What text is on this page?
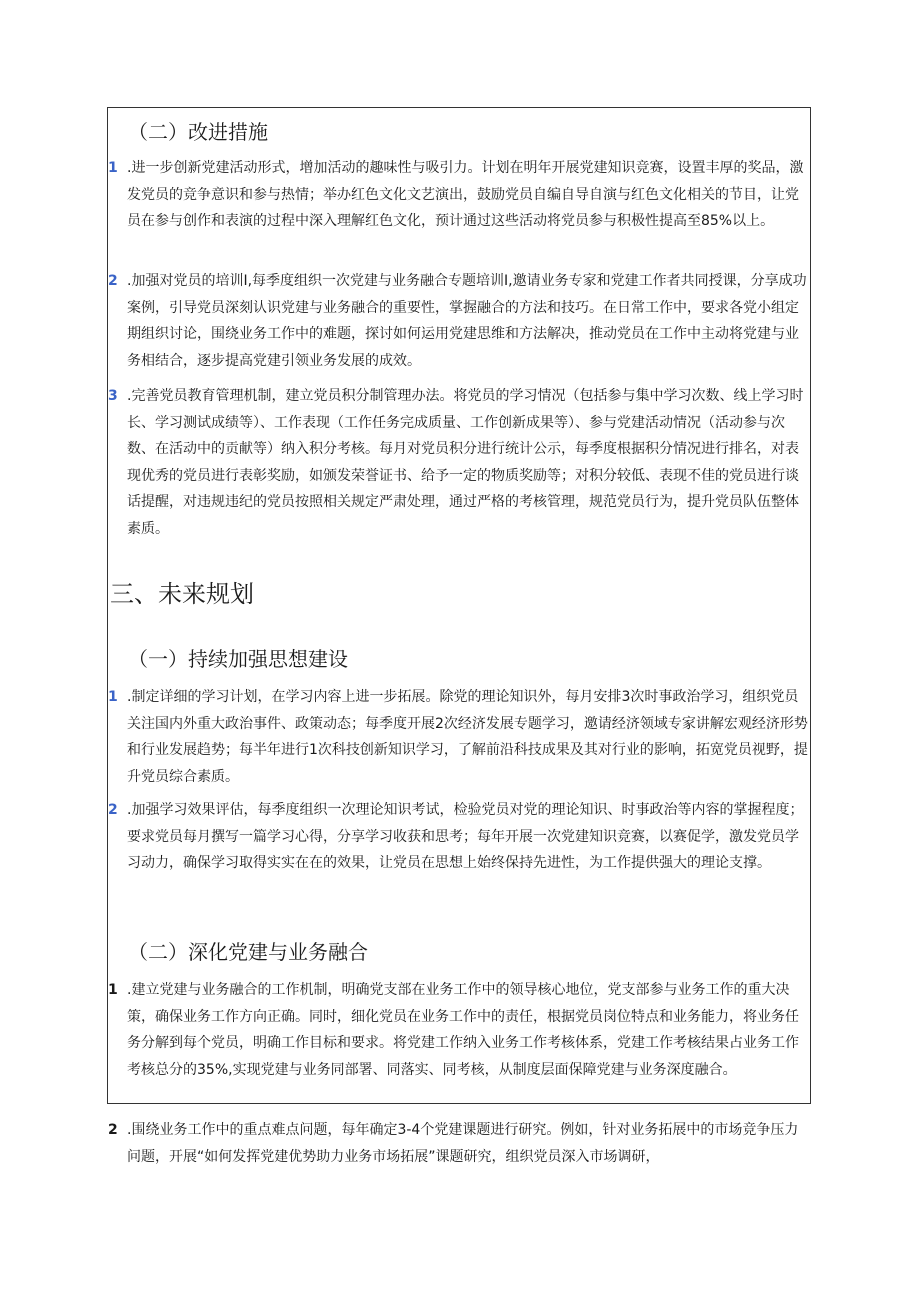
（二）改进措施
1 .进一步创新党建活动形式，增加活动的趣味性与吸引力。计划在明年开展党建知识竞赛，设置丰厚的奖品，激发党员的竞争意识和参与热情；举办红色文化文艺演出，鼓励党员自编自导自演与红色文化相关的节目，让党员在参与创作和表演的过程中深入理解红色文化，预计通过这些活动将党员参与积极性提高至85%以上。

2 .加强对党员的培训I,每季度组织一次党建与业务融合专题培训I,邀请业务专家和党建工作者共同授课，分享成功案例，引导党员深刻认识党建与业务融合的重要性，掌握融合的方法和技巧。在日常工作中，要求各党小组定期组织讨论，围绕业务工作中的难题，探讨如何运用党建思维和方法解决，推动党员在工作中主动将党建与业务相结合，逐步提高党建引领业务发展的成效。

3 .完善党员教育管理机制，建立党员积分制管理办法。将党员的学习情况（包括参与集中学习次数、线上学习时长、学习测试成绩等）、工作表现（工作任务完成质量、工作创新成果等）、参与党建活动情况（活动参与次数、在活动中的贡献等）纳入积分考核。每月对党员积分进行统计公示，每季度根据积分情况进行排名，对表现优秀的党员进行表彰奖励，如颁发荣誉证书、给予一定的物质奖励等；对积分较低、表现不佳的党员进行谈话提醒，对违规违纪的党员按照相关规定严肃处理，通过严格的考核管理，规范党员行为，提升党员队伍整体素质。

三、未来规划
（一）持续加强思想建设
1 .制定详细的学习计划，在学习内容上进一步拓展。除党的理论知识外，每月安排3次时事政治学习，组织党员关注国内外重大政治事件、政策动态；每季度开展2次经济发展专题学习，邀请经济领域专家讲解宏观经济形势和行业发展趋势；每半年进行1次科技创新知识学习，了解前沿科技成果及其对行业的影响，拓宽党员视野，提升党员综合素质。

2 .加强学习效果评估，每季度组织一次理论知识考试，检验党员对党的理论知识、时事政治等内容的掌握程度；要求党员每月撰写一篇学习心得，分享学习收获和思考；每年开展一次党建知识竞赛，以赛促学，激发党员学习动力，确保学习取得实实在在的效果，让党员在思想上始终保持先进性，为工作提供强大的理论支撑。

（二）深化党建与业务融合
1 .建立党建与业务融合的工作机制，明确党支部在业务工作中的领导核心地位，党支部参与业务工作的重大决策，确保业务工作方向正确。同时，细化党员在业务工作中的责任，根据党员岗位特点和业务能力，将业务任务分解到每个党员，明确工作目标和要求。将党建工作纳入业务工作考核体系，党建工作考核结果占业务工作考核总分的35%,实现党建与业务同部署、同落实、同考核，从制度层面保障党建与业务深度融合。

2 .围绕业务工作中的重点难点问题，每年确定3-4个党建课题进行研究。例如，针对业务拓展中的市场竞争压力问题，开展“如何发挥党建优势助力业务市场拓展”课题研究，组织党员深入市场调研，
